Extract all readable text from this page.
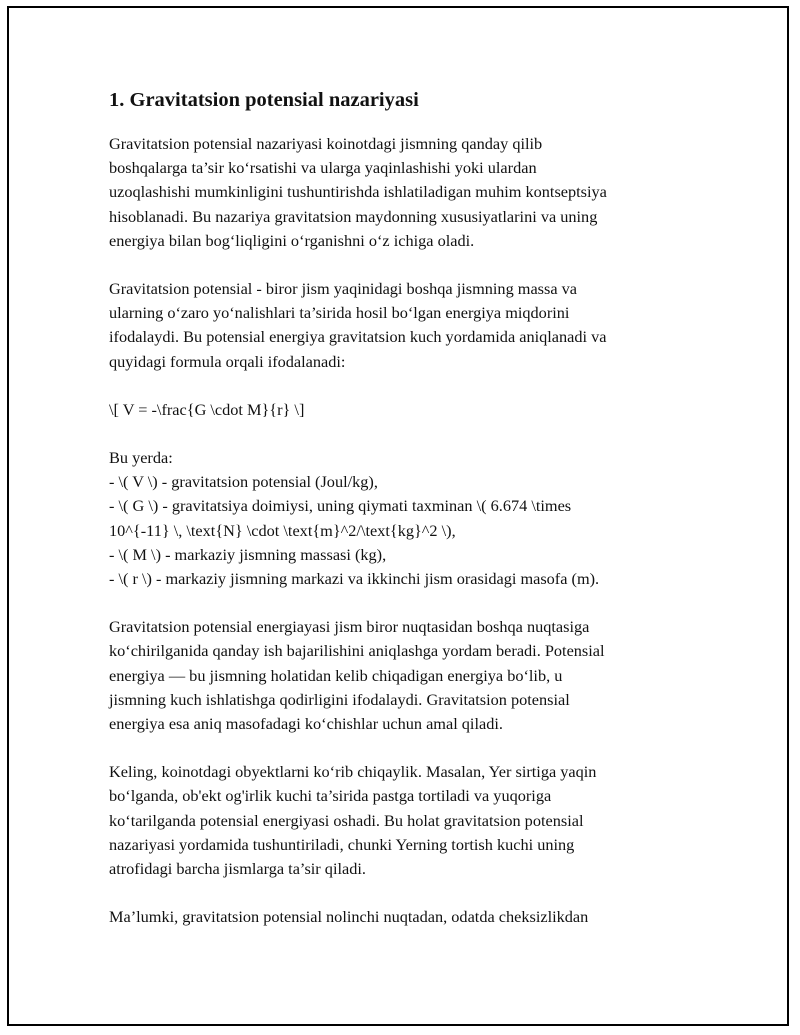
1. Gravitatsion potensial nazariyasi
Gravitatsion potensial nazariyasi koinotdagi jismning qanday qilib
boshqalarga ta’sir ko‘rsatishi va ularga yaqinlashishi yoki ulardan
uzoqlashishi mumkinligini tushuntirishda ishlatiladigan muhim kontseptsiya
hisoblanadi. Bu nazariya gravitatsion maydonning xususiyatlarini va uning
energiya bilan bog‘liqligini o‘rganishni o‘z ichiga oladi.
Gravitatsion potensial - biror jism yaqinidagi boshqa jismning massa va
ularning o‘zaro yo‘nalishlari ta’sirida hosil bo‘lgan energiya miqdorini
ifodalaydi. Bu potensial energiya gravitatsion kuch yordamida aniqlanadi va
quyidagi formula orqali ifodalanadi:
\[ V = -\frac{G \cdot M}{r} \]
Bu yerda:
- \( V \) - gravitatsion potensial (Joul/kg),
- \( G \) - gravitatsiya doimiysi, uning qiymati taxminan \( 6.674 \times
10^{-11} \, \text{N} \cdot \text{m}^2/\text{kg}^2 \),
- \( M \) - markaziy jismning massasi (kg),
- \( r \) - markaziy jismning markazi va ikkinchi jism orasidagi masofa (m).
Gravitatsion potensial energiayasi jism biror nuqtasidan boshqa nuqtasiga
ko‘chirilganida qanday ish bajarilishini aniqlashga yordam beradi. Potensial
energiya — bu jismning holatidan kelib chiqadigan energiya bo‘lib, u
jismning kuch ishlatishga qodirligini ifodalaydi. Gravitatsion potensial
energiya esa aniq masofadagi ko‘chishlar uchun amal qiladi.
Keling, koinotdagi obyektlarni ko‘rib chiqaylik. Masalan, Yer sirtiga yaqin
bo‘lganda, ob'ekt og'irlik kuchi ta’sirida pastga tortiladi va yuqoriga
ko‘tarilganda potensial energiyasi oshadi. Bu holat gravitatsion potensial
nazariyasi yordamida tushuntiriladi, chunki Yerning tortish kuchi uning
atrofidagi barcha jismlarga ta’sir qiladi.
Ma’lumki, gravitatsion potensial nolinchi nuqtadan, odatda cheksizlikdan
